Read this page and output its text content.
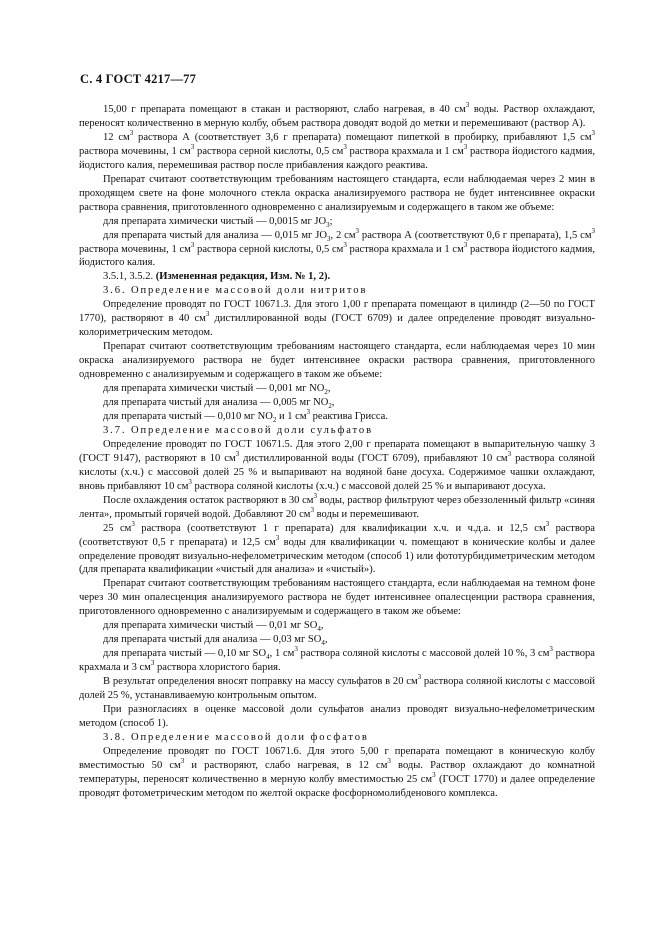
С. 4 ГОСТ 4217—77

15,00 г препарата помещают в стакан и растворяют, слабо нагревая, в 40 $см^3$ воды. Раствор охлаждают, переносят количественно в мерную колбу, объем раствора доводят водой до метки и перемешивают (раствор А).

12 $см^3$ раствора А (соответствует 3,6 г препарата) помещают пипеткой в пробирку, прибавляют 1,5 $см^3$ раствора мочевины, 1 $см^3$ раствора серной кислоты, 0,5 $см^3$ раствора крахмала и 1 $см^3$ раствора йодистого кадмия, йодистого калия, перемешивая раствор после прибавления каждого реактива.

Препарат считают соответствующим требованиям настоящего стандарта, если наблюдаемая через 2 мин в проходящем свете на фоне молочного стекла окраска анализируемого раствора не будет интенсивнее окраски раствора сравнения, приготовленного одновременно с анализируемым и содержащего в таком же объеме:

для препарата химически чистый — 0,0015 мг $JO_3$;

для препарата чистый для анализа — 0,015 мг $JO_3$, 2 $см^3$ раствора А (соответствуют 0,6 г препарата), 1,5 $см^3$ раствора мочевины, 1 $см^3$ раствора серной кислоты, 0,5 $см^3$ раствора крахмала и 1 $см^3$ раствора йодистого кадмия, йодистого калия.

3.5.1, 3.5.2. (Измененная редакция, Изм. № 1, 2).

3.6. Определение массовой доли нитритов

Определение проводят по ГОСТ 10671.3. Для этого 1,00 г препарата помещают в цилиндр (2—50 по ГОСТ 1770), растворяют в 40 $см^3$ дистиллированной воды (ГОСТ 6709) и далее определение проводят визуально-колориметрическим методом.

Препарат считают соответствующим требованиям настоящего стандарта, если наблюдаемая через 10 мин окраска анализируемого раствора не будет интенсивнее окраски раствора сравнения, приготовленного одновременно с анализируемым и содержащего в таком же объеме:

для препарата химически чистый — 0,001 мг $NO_2$,

для препарата чистый для анализа — 0,005 мг $NO_2$,

для препарата чистый — 0,010 мг $NO_2$ и 1 $см^3$ реактива Грисса.

3.7. Определение массовой доли сульфатов

Определение проводят по ГОСТ 10671.5. Для этого 2,00 г препарата помещают в выпарительную чашку 3 (ГОСТ 9147), растворяют в 10 $см^3$ дистиллированной воды (ГОСТ 6709), прибавляют 10 $см^3$ раствора соляной кислоты (х.ч.) с массовой долей 25 % и выпаривают на водяной бане досуха. Содержимое чашки охлаждают, вновь прибавляют 10 $см^3$ раствора соляной кислоты (х.ч.) с массовой долей 25 % и выпаривают досуха.

После охлаждения остаток растворяют в 30 $см^3$ воды, раствор фильтруют через обеззоленный фильтр «синяя лента», промытый горячей водой. Добавляют 20 $см^3$ воды и перемешивают.

25 $см^3$ раствора (соответствуют 1 г препарата) для квалификации х.ч. и ч.д.а. и 12,5 $см^3$ раствора (соответствуют 0,5 г препарата) и 12,5 $см^3$ воды для квалификации ч. помещают в конические колбы и далее определение проводят визуально-нефелометрическим методом (способ 1) или фототурбидиметрическим методом (для препарата квалификации «чистый для анализа» и «чистый»).

Препарат считают соответствующим требованиям настоящего стандарта, если наблюдаемая на темном фоне через 30 мин опалесценция анализируемого раствора не будет интенсивнее опалесценции раствора сравнения, приготовленного одновременно с анализируемым и содержащего в таком же объеме:

для препарата химически чистый — 0,01 мг $SO_4$,

для препарата чистый для анализа — 0,03 мг $SO_4$,

для препарата чистый — 0,10 мг $SO_4$, 1 $см^3$ раствора соляной кислоты с массовой долей 10 %, 3 $см^3$ раствора крахмала и 3 $см^3$ раствора хлористого бария.

В результат определения вносят поправку на массу сульфатов в 20 $см^3$ раствора соляной кислоты с массовой долей 25 %, устанавливаемую контрольным опытом.

При разногласиях в оценке массовой доли сульфатов анализ проводят визуально-нефелометрическим методом (способ 1).

3.8. Определение массовой доли фосфатов

Определение проводят по ГОСТ 10671.6. Для этого 5,00 г препарата помещают в коническую колбу вместимостью 50 $см^3$ и растворяют, слабо нагревая, в 12 $см^3$ воды. Раствор охлаждают до комнатной температуры, переносят количественно в мерную колбу вместимостью 25 $см^3$ (ГОСТ 1770) и далее определение проводят фотометрическим методом по желтой окраске фосфорномолибденового комплекса.
